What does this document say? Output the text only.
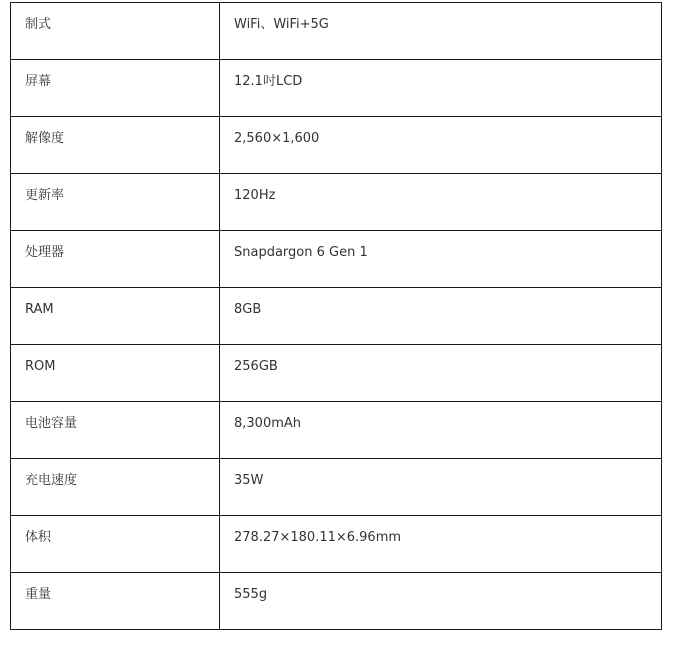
制式	WiFi、WiFi+5G

屏幕	12.1吋LCD

解像度	2,560×1,600

更新率	120Hz

处理器	Snapdargon 6 Gen 1

RAM	8GB

ROM	256GB

电池容量	8,300mAh

充电速度	35W

体积	278.27×180.11×6.96mm

重量	555g
